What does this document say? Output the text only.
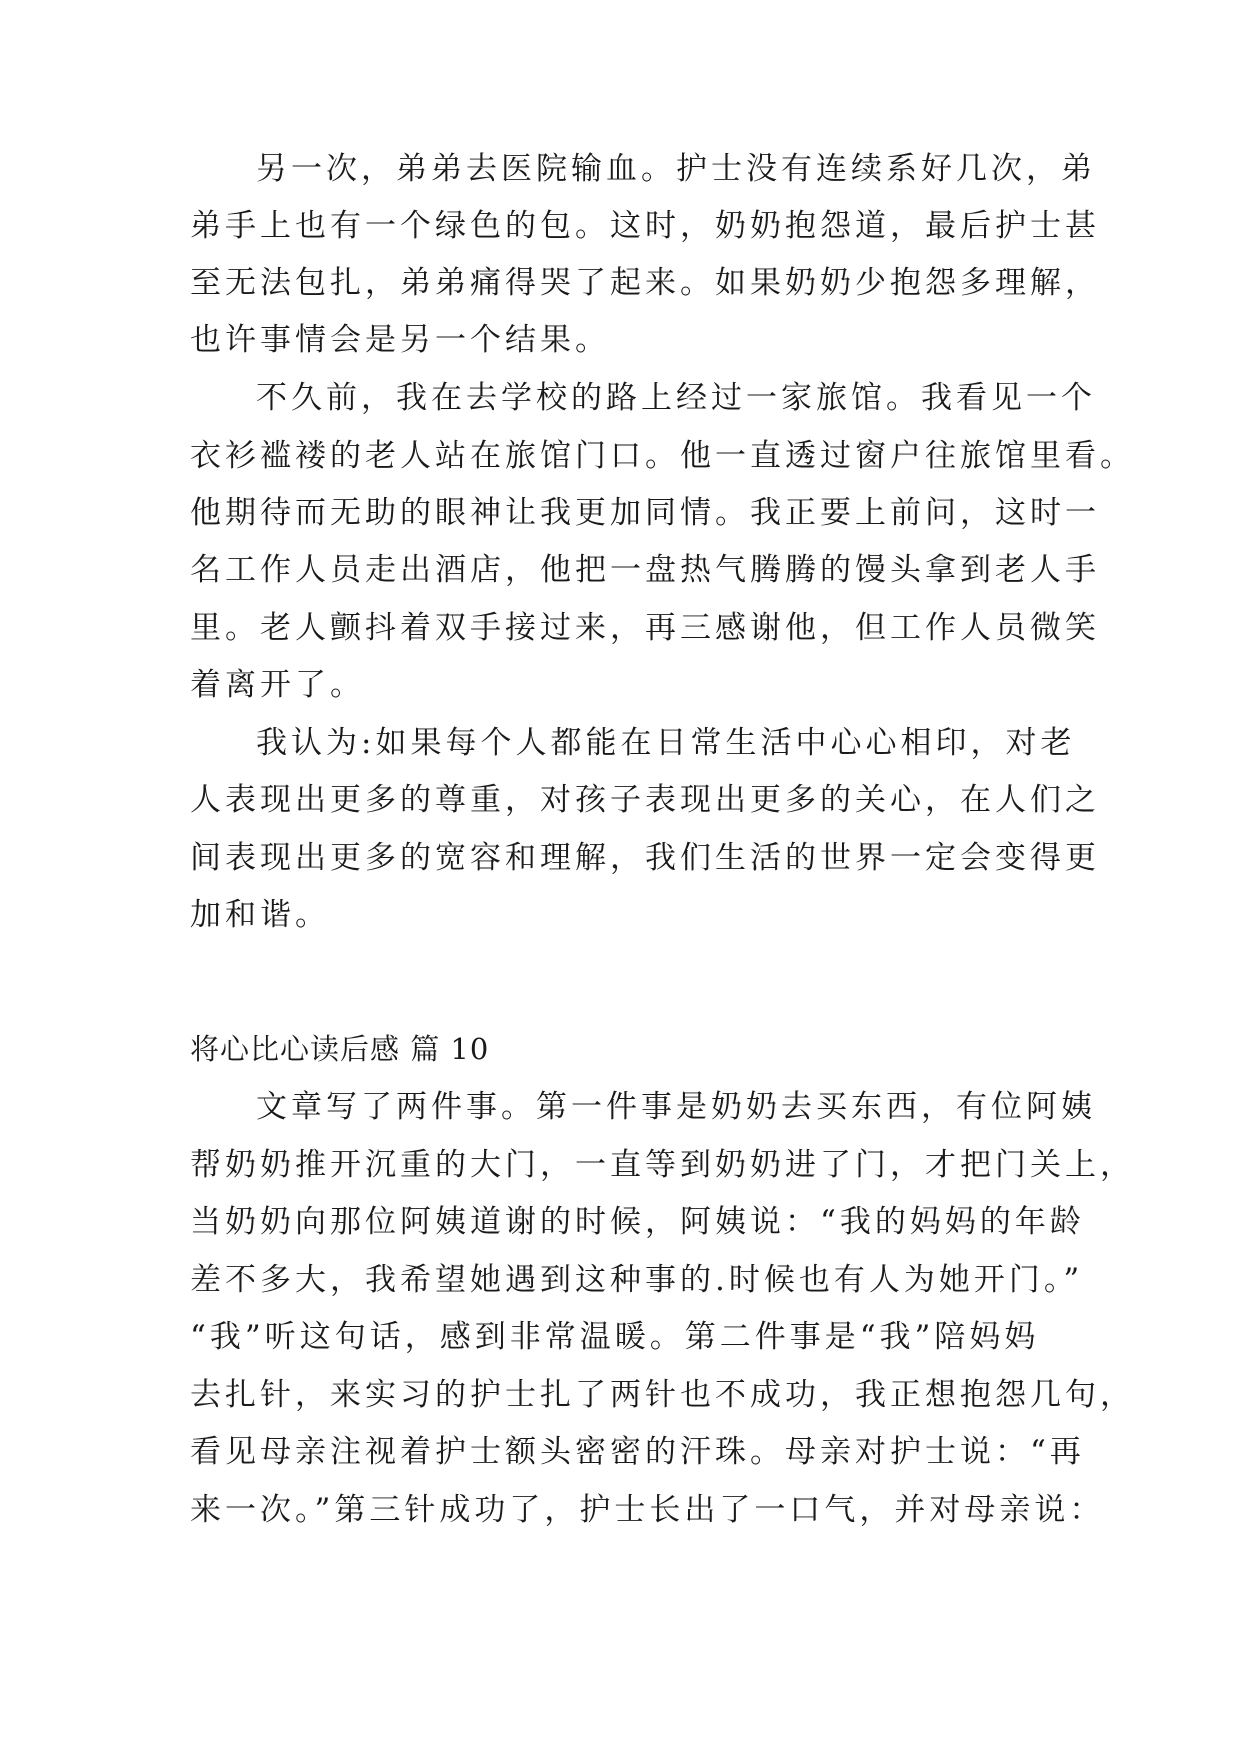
另一次，弟弟去医院输血。护士没有连续系好几次，弟
弟手上也有一个绿色的包。这时，奶奶抱怨道，最后护士甚
至无法包扎，弟弟痛得哭了起来。如果奶奶少抱怨多理解，
也许事情会是另一个结果。
不久前，我在去学校的路上经过一家旅馆。我看见一个
衣衫褴褛的老人站在旅馆门口。他一直透过窗户往旅馆里看。
他期待而无助的眼神让我更加同情。我正要上前问，这时一
名工作人员走出酒店，他把一盘热气腾腾的馒头拿到老人手
里。老人颤抖着双手接过来，再三感谢他，但工作人员微笑
着离开了。
我认为:如果每个人都能在日常生活中心心相印，对老
人表现出更多的尊重，对孩子表现出更多的关心，在人们之
间表现出更多的宽容和理解，我们生活的世界一定会变得更
加和谐。
将心比心读后感 篇 10
文章写了两件事。第一件事是奶奶去买东西，有位阿姨
帮奶奶推开沉重的大门，一直等到奶奶进了门，才把门关上，
当奶奶向那位阿姨道谢的时候，阿姨说：“我的妈妈的年龄
差不多大，我希望她遇到这种事的.时候也有人为她开门。”
“我”听这句话，感到非常温暖。第二件事是“我”陪妈妈
去扎针，来实习的护士扎了两针也不成功，我正想抱怨几句，
看见母亲注视着护士额头密密的汗珠。母亲对护士说：“再
来一次。”第三针成功了，护士长出了一口气，并对母亲说：
